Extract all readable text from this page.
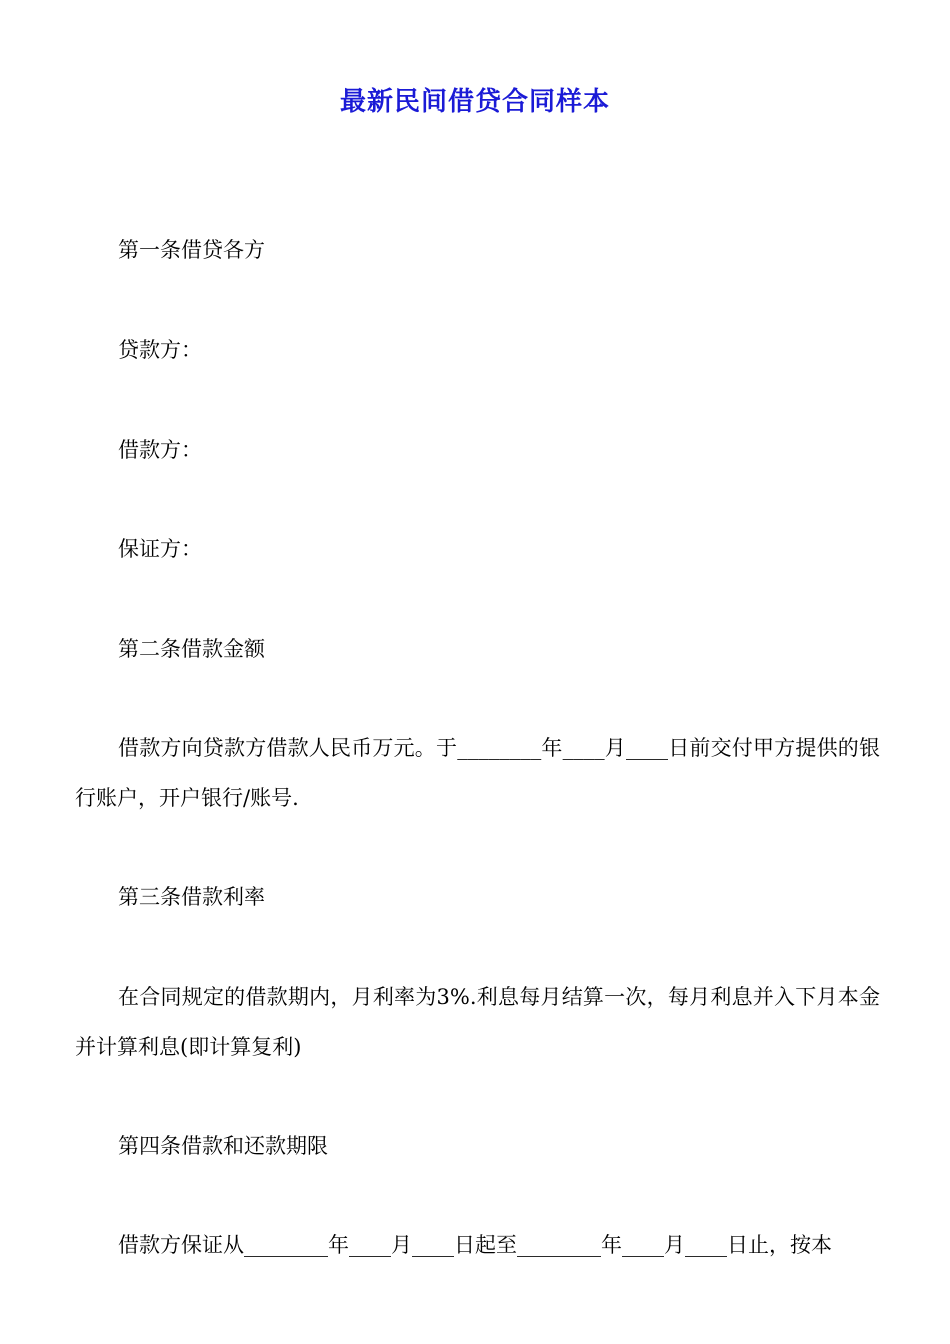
最新民间借贷合同样本

第一条借贷各方

贷款方：

借款方：

保证方：

第二条借款金额

借款方向贷款方借款人民币万元。于________年____月____日前交付甲方提供的银行账户，开户银行/账号.

第三条借款利率

在合同规定的借款期内，月利率为3%.利息每月结算一次，每月利息并入下月本金并计算利息(即计算复利)

第四条借款和还款期限

借款方保证从________年____月____日起至________年____月____日止，按本
